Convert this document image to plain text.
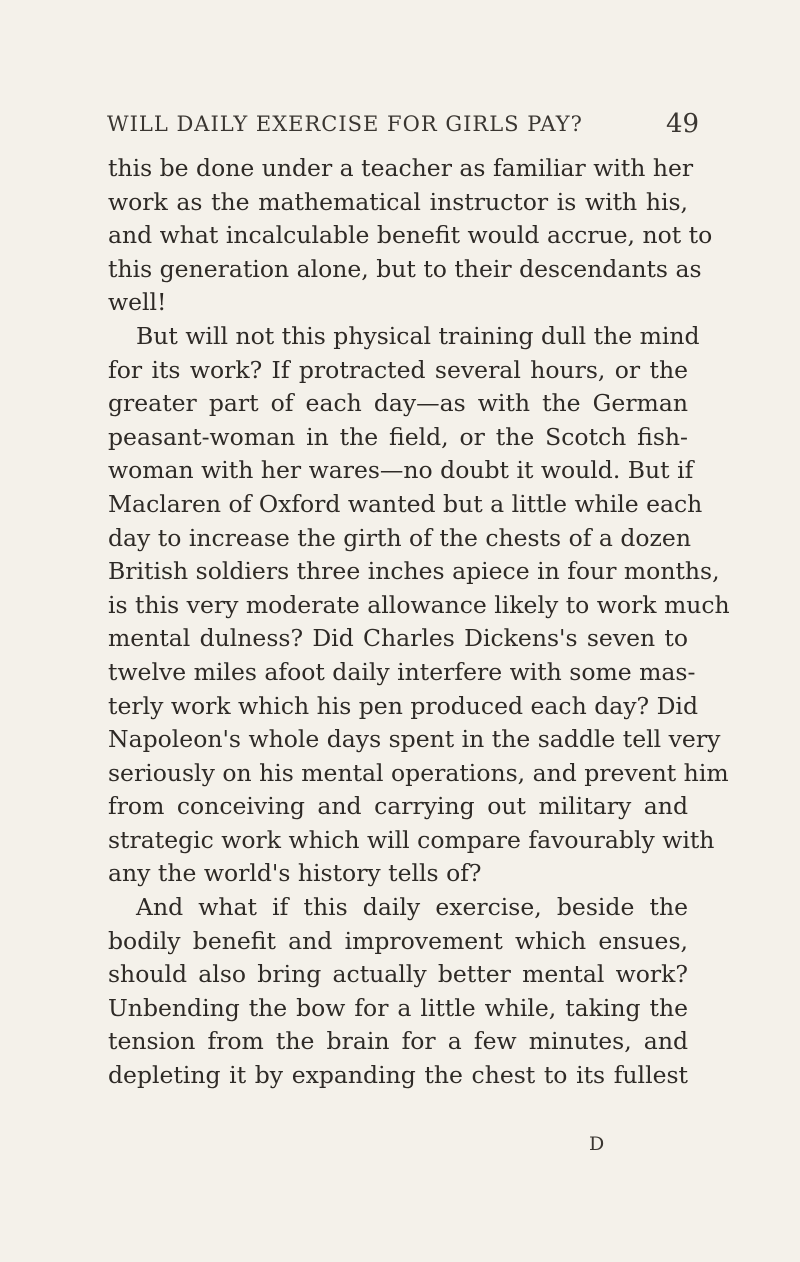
WILL DAILY EXERCISE FOR GIRLS PAY?	49
this be done under a teacher as familiar with her
work as the mathematical instructor is with his,
and what incalculable benefit would accrue, not to
this generation alone, but to their descendants as
well!
But will not this physical training dull the mind
for its work? If protracted several hours, or the
greater part of each day—as with the German
peasant-woman in the field, or the Scotch fish-
woman with her wares—no doubt it would. But if
Maclaren of Oxford wanted but a little while each
day to increase the girth of the chests of a dozen
British soldiers three inches apiece in four months,
is this very moderate allowance likely to work much
mental dulness? Did Charles Dickens's seven to
twelve miles afoot daily interfere with some mas-
terly work which his pen produced each day? Did
Napoleon's whole days spent in the saddle tell very
seriously on his mental operations, and prevent him
from conceiving and carrying out military and
strategic work which will compare favourably with
any the world's history tells of?
And what if this daily exercise, beside the
bodily benefit and improvement which ensues,
should also bring actually better mental work?
Unbending the bow for a little while, taking the
tension from the brain for a few minutes, and
depleting it by expanding the chest to its fullest
D
